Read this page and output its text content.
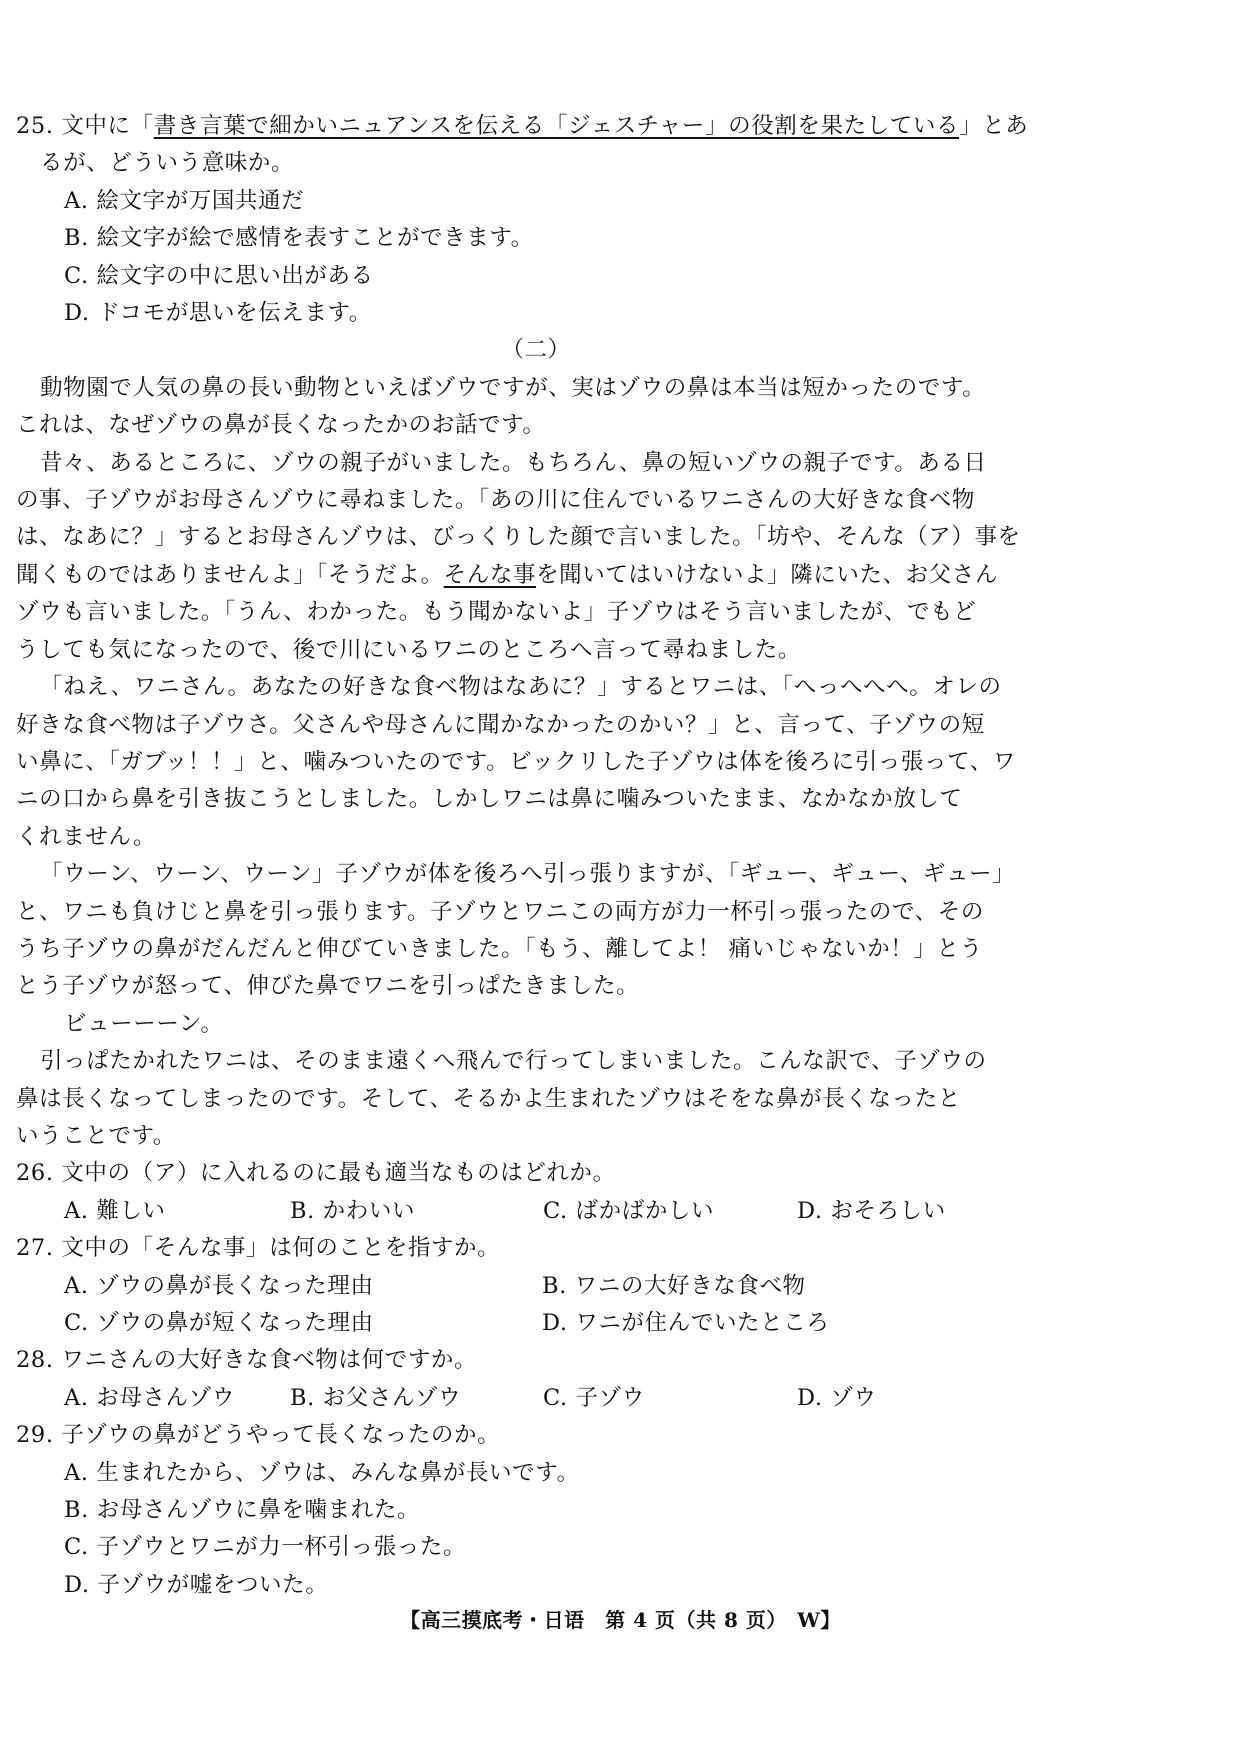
25. 文中に「書き言葉で細かいニュアンスを伝える「ジェスチャー」の役割を果たしている」とあ
るが、どういう意味か。
A. 絵文字が万国共通だ
B. 絵文字が絵で感情を表すことができます。
C. 絵文字の中に思い出がある
D. ドコモが思いを伝えます。
（二）
動物園で人気の鼻の長い動物といえばゾウですが、実はゾウの鼻は本当は短かったのです。
これは、なぜゾウの鼻が長くなったかのお話です。
昔々、あるところに、ゾウの親子がいました。もちろん、鼻の短いゾウの親子です。ある日
の事、子ゾウがお母さんゾウに尋ねました。「あの川に住んでいるワニさんの大好きな食べ物
は、なあに？」するとお母さんゾウは、びっくりした顔で言いました。「坊や、そんな（ア）事を
聞くものではありませんよ」「そうだよ。そんな事を聞いてはいけないよ」隣にいた、お父さん
ゾウも言いました。「うん、わかった。もう聞かないよ」子ゾウはそう言いましたが、でもど
うしても気になったので、後で川にいるワニのところへ言って尋ねました。
「ねえ、ワニさん。あなたの好きな食べ物はなあに？」するとワニは、「へっへへへ。オレの
好きな食べ物は子ゾウさ。父さんや母さんに聞かなかったのかい？」と、言って、子ゾウの短
い鼻に、「ガブッ！！」と、噛みついたのです。ビックリした子ゾウは体を後ろに引っ張って、ワ
ニの口から鼻を引き抜こうとしました。しかしワニは鼻に噛みついたまま、なかなか放して
くれません。
「ウーン、ウーン、ウーン」子ゾウが体を後ろへ引っ張りますが、「ギュー、ギュー、ギュー」
と、ワニも負けじと鼻を引っ張ります。子ゾウとワニこの両方が力一杯引っ張ったので、その
うち子ゾウの鼻がだんだんと伸びていきました。「もう、離してよ！ 痛いじゃないか！」とう
とう子ゾウが怒って、伸びた鼻でワニを引っぱたきました。
ビューーーン。
引っぱたかれたワニは、そのまま遠くへ飛んで行ってしまいました。こんな訳で、子ゾウの
鼻は長くなってしまったのです。そして、そるかよ生まれたゾウはそをな鼻が長くなったと
いうことです。
26. 文中の（ア）に入れるのに最も適当なものはどれか。
A. 難しい	B. かわいい	C. ばかばかしい	D. おそろしい
27. 文中の「そんな事」は何のことを指すか。
A. ゾウの鼻が長くなった理由	B. ワニの大好きな食べ物
C. ゾウの鼻が短くなった理由	D. ワニが住んでいたところ
28. ワニさんの大好きな食べ物は何ですか。
A. お母さんゾウ	B. お父さんゾウ	C. 子ゾウ	D. ゾウ
29. 子ゾウの鼻がどうやって長くなったのか。
A. 生まれたから、ゾウは、みんな鼻が長いです。
B. お母さんゾウに鼻を噛まれた。
C. 子ゾウとワニが力一杯引っ張った。
D. 子ゾウが嘘をついた。
【高三摸底考・日语　第 4 页（共 8 页）　W】
